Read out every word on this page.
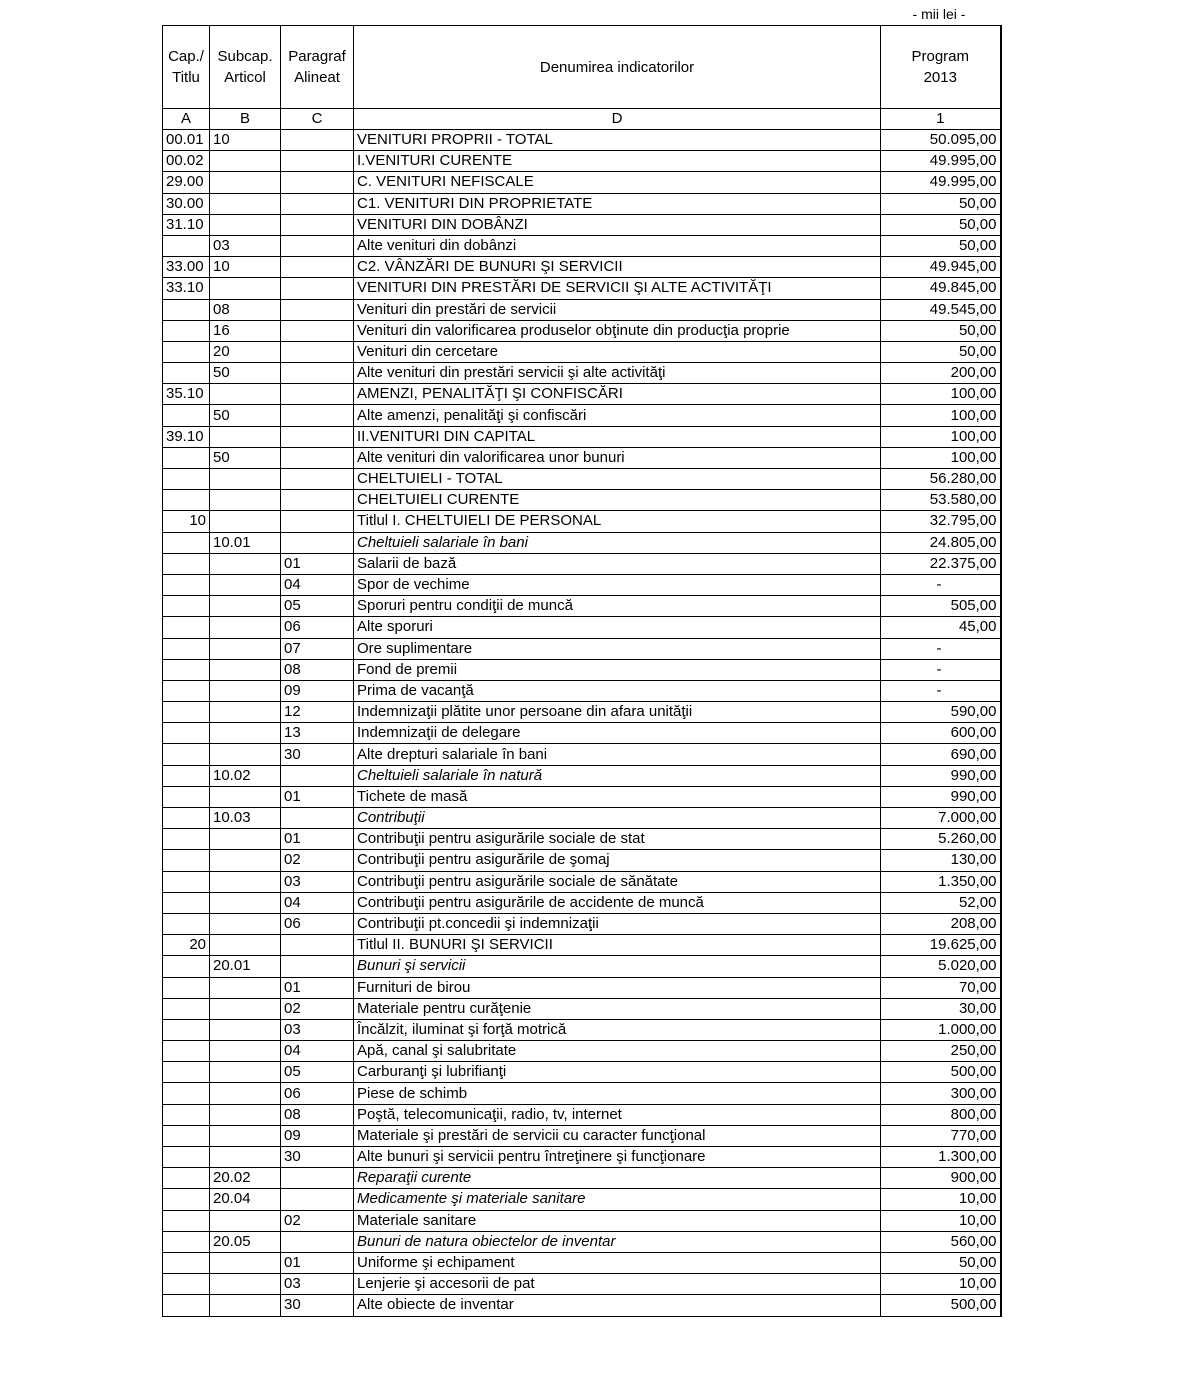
- mii lei -
Cap./ Titlu	Subcap. Articol	Paragraf Alineat	Denumirea indicatorilor	Program 2013
A	B	C	D	1
00.01	10		VENITURI PROPRII - TOTAL	50.095,00
00.02			I.VENITURI CURENTE	49.995,00
29.00			C. VENITURI NEFISCALE	49.995,00
30.00			C1. VENITURI DIN PROPRIETATE	50,00
31.10			VENITURI DIN DOBÂNZI	50,00
	03		Alte venituri din dobânzi	50,00
33.00	10		C2. VÂNZĂRI DE BUNURI ŞI SERVICII	49.945,00
33.10			VENITURI DIN PRESTĂRI DE SERVICII ŞI ALTE ACTIVITĂŢI	49.845,00
	08		Venituri din prestări de servicii	49.545,00
	16		Venituri din valorificarea produselor obţinute din producţia proprie	50,00
	20		Venituri din cercetare	50,00
	50		Alte venituri din prestări servicii şi alte activităţi	200,00
35.10			AMENZI, PENALITĂŢI ŞI CONFISCĂRI	100,00
	50		Alte amenzi, penalităţi şi confiscări	100,00
39.10			II.VENITURI DIN CAPITAL	100,00
	50		Alte venituri din valorificarea unor bunuri	100,00
			CHELTUIELI - TOTAL	56.280,00
			CHELTUIELI CURENTE	53.580,00
10			Titlul I. CHELTUIELI DE PERSONAL	32.795,00
	10.01		Cheltuieli salariale în bani	24.805,00
		01	Salarii de bază	22.375,00
		04	Spor de vechime	-
		05	Sporuri pentru condiţii de muncă	505,00
		06	Alte sporuri	45,00
		07	Ore suplimentare	-
		08	Fond de premii	-
		09	Prima de vacanţă	-
		12	Indemnizaţii plătite unor persoane din afara unităţii	590,00
		13	Indemnizaţii de delegare	600,00
		30	Alte drepturi salariale în bani	690,00
	10.02		Cheltuieli salariale în natură	990,00
		01	Tichete de masă	990,00
	10.03		Contribuţii	7.000,00
		01	Contribuţii pentru asigurările sociale de stat	5.260,00
		02	Contribuţii pentru asigurările de şomaj	130,00
		03	Contribuţii pentru asigurările sociale de sănătate	1.350,00
		04	Contribuţii pentru asigurările de accidente de muncă	52,00
		06	Contribuţii pt.concedii şi indemnizaţii	208,00
20			Titlul II. BUNURI ŞI SERVICII	19.625,00
	20.01		Bunuri şi servicii	5.020,00
		01	Furnituri de birou	70,00
		02	Materiale pentru curăţenie	30,00
		03	Încălzit, iluminat şi forţă motrică	1.000,00
		04	Apă, canal şi salubritate	250,00
		05	Carburanţi şi lubrifianţi	500,00
		06	Piese de schimb	300,00
		08	Poştă, telecomunicaţii, radio, tv, internet	800,00
		09	Materiale şi prestări de servicii cu caracter funcţional	770,00
		30	Alte bunuri şi servicii pentru întreţinere şi funcţionare	1.300,00
	20.02		Reparaţii curente	900,00
	20.04		Medicamente şi materiale sanitare	10,00
		02	Materiale sanitare	10,00
	20.05		Bunuri de natura obiectelor de inventar	560,00
		01	Uniforme şi echipament	50,00
		03	Lenjerie şi accesorii de pat	10,00
		30	Alte obiecte de inventar	500,00
